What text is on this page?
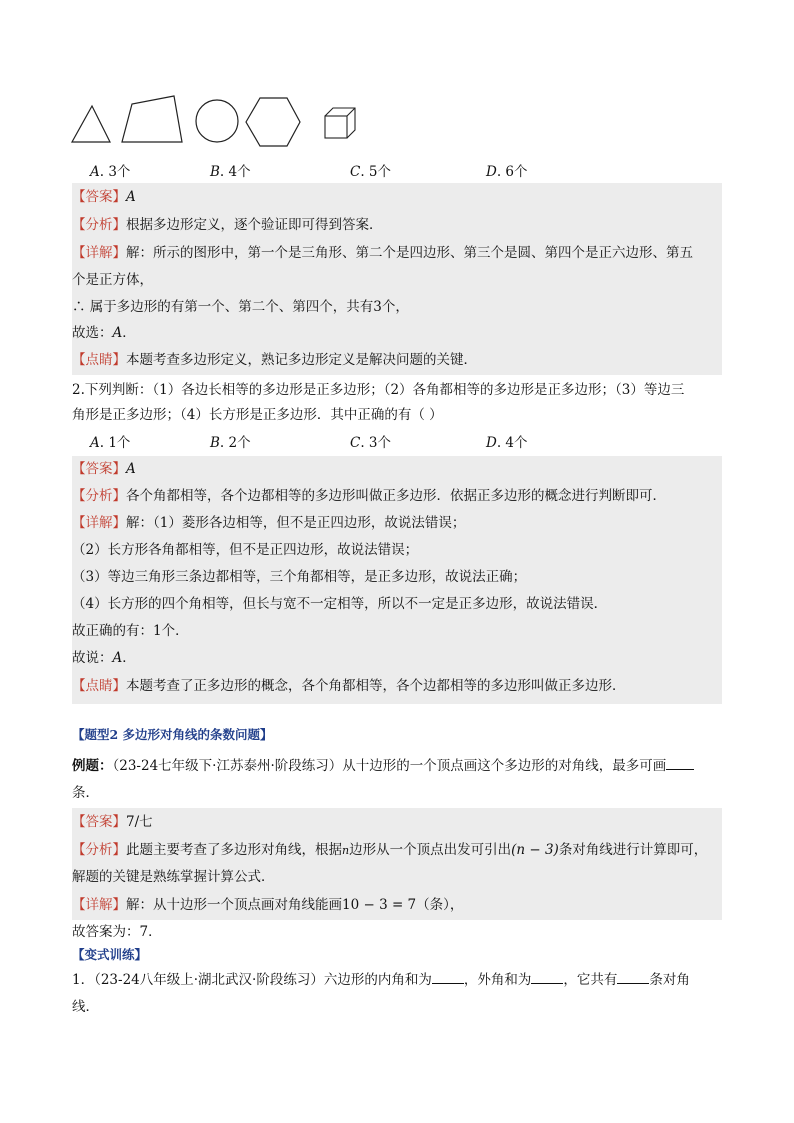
A. 3个	B. 4个	C. 5个	D. 6个
【答案】A
【分析】根据多边形定义，逐个验证即可得到答案．
【详解】解：所示的图形中，第一个是三角形、第二个是四边形、第三个是圆、第四个是正六边形、第五
个是正方体，
∴ 属于多边形的有第一个、第二个、第四个，共有3个，
故选：A．
【点睛】本题考查多边形定义，熟记多边形定义是解决问题的关键．
2.下列判断：（1）各边长相等的多边形是正多边形；（2）各角都相等的多边形是正多边形；（3）等边三
角形是正多边形；（4）长方形是正多边形．其中正确的有（ ）
A. 1个	B. 2个	C. 3个	D. 4个
【答案】A
【分析】各个角都相等，各个边都相等的多边形叫做正多边形．依据正多边形的概念进行判断即可．
【详解】解：（1）菱形各边相等，但不是正四边形，故说法错误；
（2）长方形各角都相等，但不是正四边形，故说法错误；
（3）等边三角形三条边都相等，三个角都相等，是正多边形，故说法正确；
（4）长方形的四个角相等，但长与宽不一定相等，所以不一定是正多边形，故说法错误．
故正确的有：1个．
故说：A．
【点睛】本题考查了正多边形的概念，各个角都相等，各个边都相等的多边形叫做正多边形．
【题型2 多边形对角线的条数问题】
例题：（23-24七年级下·江苏泰州·阶段练习）从十边形的一个顶点画这个多边形的对角线，最多可画
条．
【答案】7/七
【分析】此题主要考查了多边形对角线，根据n边形从一个顶点出发可引出(n − 3)条对角线进行计算即可，
解题的关键是熟练掌握计算公式．
【详解】解：从十边形一个顶点画对角线能画10 − 3 = 7（条），
故答案为：7．
【变式训练】
1．（23-24八年级上·湖北武汉·阶段练习）六边形的内角和为 ，外角和为 ，它共有 条对角
线．
